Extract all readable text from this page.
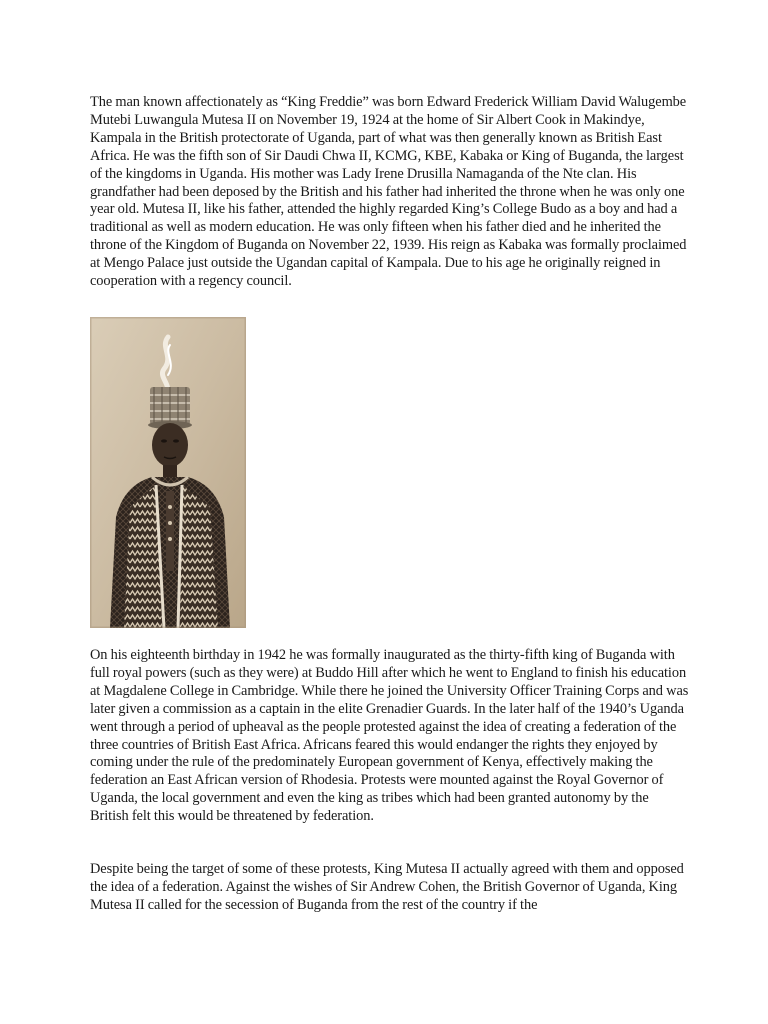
The man known affectionately as “King Freddie” was born Edward Frederick William David Walugembe Mutebi Luwangula Mutesa II on November 19, 1924 at the home of Sir Albert Cook in Makindye, Kampala in the British protectorate of Uganda, part of what was then generally known as British East Africa. He was the fifth son of Sir Daudi Chwa II, KCMG, KBE, Kabaka or King of Buganda, the largest of the kingdoms in Uganda. His mother was Lady Irene Drusilla Namaganda of the Nte clan. His grandfather had been deposed by the British and his father had inherited the throne when he was only one year old. Mutesa II, like his father, attended the highly regarded King’s College Budo as a boy and had a traditional as well as modern education. He was only fifteen when his father died and he inherited the throne of the Kingdom of Buganda on November 22, 1939. His reign as Kabaka was formally proclaimed at Mengo Palace just outside the Ugandan capital of Kampala. Due to his age he originally reigned in cooperation with a regency council.

On his eighteenth birthday in 1942 he was formally inaugurated as the thirty-fifth king of Buganda with full royal powers (such as they were) at Buddo Hill after which he went to England to finish his education at Magdalene College in Cambridge. While there he joined the University Officer Training Corps and was later given a commission as a captain in the elite Grenadier Guards. In the later half of the 1940’s Uganda went through a period of upheaval as the people protested against the idea of creating a federation of the three countries of British East Africa. Africans feared this would endanger the rights they enjoyed by coming under the rule of the predominately European government of Kenya, effectively making the federation an East African version of Rhodesia. Protests were mounted against the Royal Governor of Uganda, the local government and even the king as tribes which had been granted autonomy by the British felt this would be threatened by federation.

Despite being the target of some of these protests, King Mutesa II actually agreed with them and opposed the idea of a federation. Against the wishes of Sir Andrew Cohen, the British Governor of Uganda, King Mutesa II called for the secession of Buganda from the rest of the country if the
